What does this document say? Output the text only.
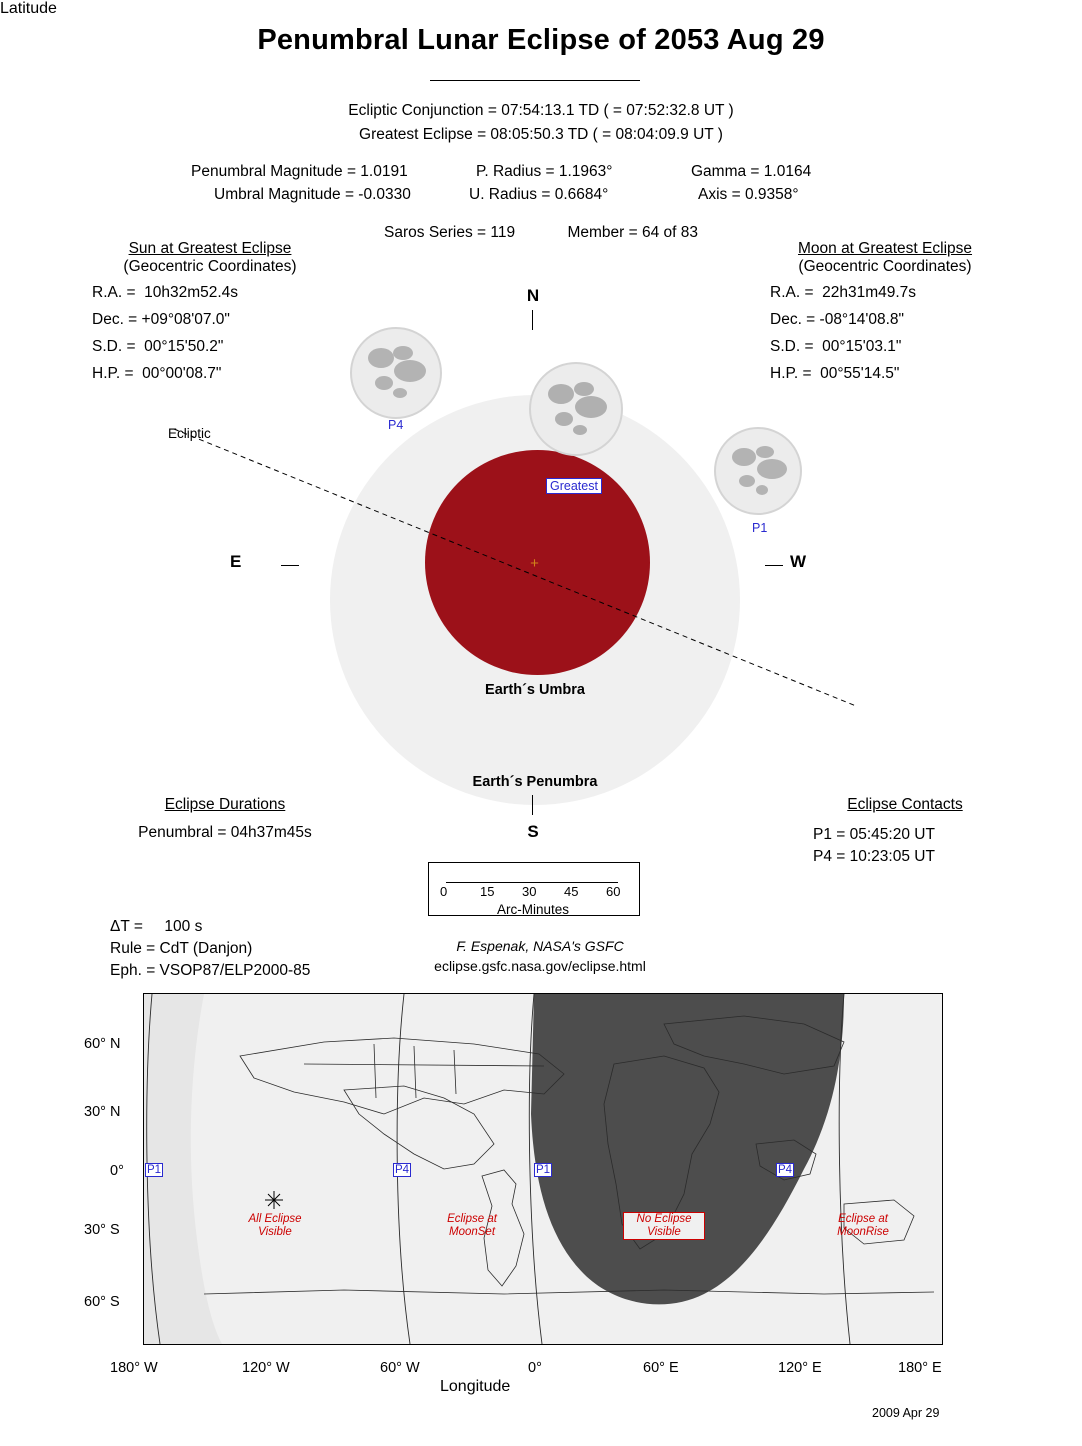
Penumbral Lunar Eclipse of 2053 Aug 29
Ecliptic Conjunction = 07:54:13.1 TD ( = 07:52:32.8 UT )
Greatest Eclipse = 08:05:50.3 TD ( = 08:04:09.9 UT )
Penumbral Magnitude = 1.0191	P. Radius = 1.1963°	Gamma = 1.0164
Umbral Magnitude = -0.0330	U. Radius = 0.6684°	Axis = 0.9358°
Saros Series = 119	Member = 64 of 83
Sun at Greatest Eclipse
(Geocentric Coordinates)
R.A. =  10h32m52.4s
Dec. = +09°08'07.0"
S.D. =  00°15'50.2"
H.P. =  00°00'08.7"
Moon at Greatest Eclipse
(Geocentric Coordinates)
R.A. =  22h31m49.7s
Dec. = -08°14'08.8"
S.D. =  00°15'03.1"
H.P. =  00°55'14.5"
+
Ecliptic
N
S
E	W
Earth´s Umbra
Earth´s Penumbra
P4
Greatest
P1
Eclipse Durations
Penumbral = 04h37m45s
Eclipse Contacts
P1 = 05:45:20 UT
P4 = 10:23:05 UT
0	15 30 45 60
Arc-Minutes
ΔT =     100 s
Rule = CdT (Danjon)
Eph. = VSOP87/ELP2000-85
F. Espenak, NASA's GSFC
eclipse.gsfc.nasa.gov/eclipse.html
P1	P4	P1	P4
All Eclipse
Visible
Eclipse at
MoonSet
No Eclipse
Visible
Eclipse at
MoonRise
60° N
30° N
0°
30° S
60° S
Latitude
180° W	120° W	60° W	0°	60° E	120° E	180° E
Longitude
2009 Apr 29
